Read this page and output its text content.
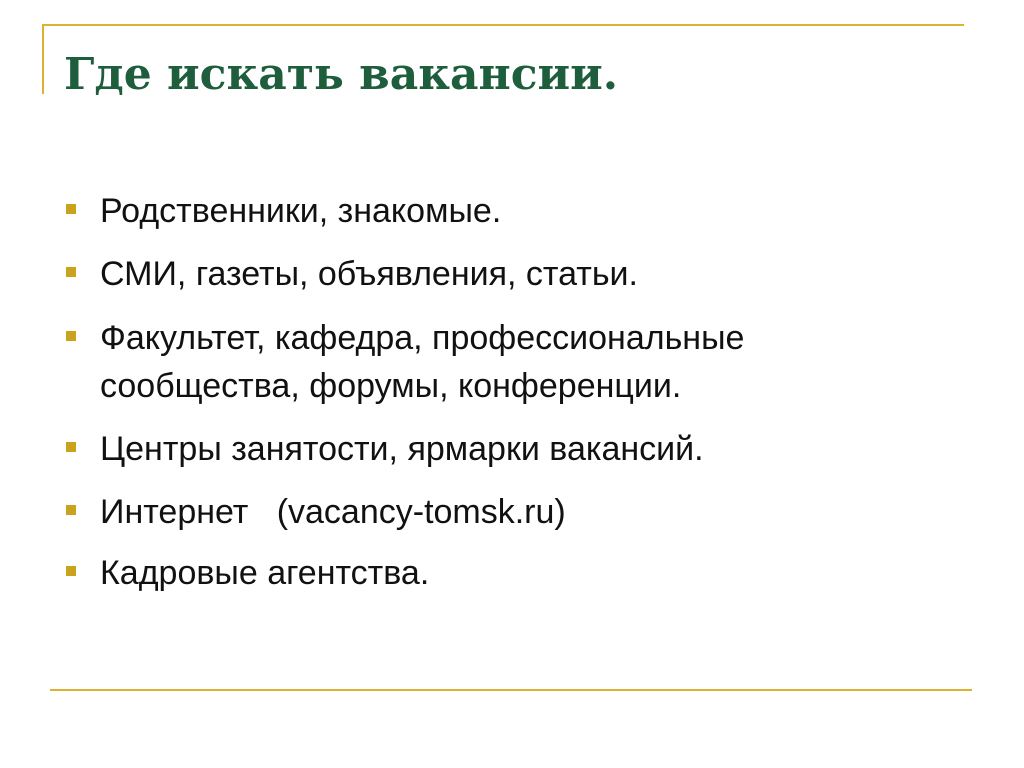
Где искать вакансии.
Родственники, знакомые.
СМИ, газеты, объявления, статьи.
Факультет, кафедра, профессиональные
сообщества, форумы, конференции.
Центры занятости, ярмарки вакансий.
Интернет   (vacancy-tomsk.ru)
Кадровые агентства.
